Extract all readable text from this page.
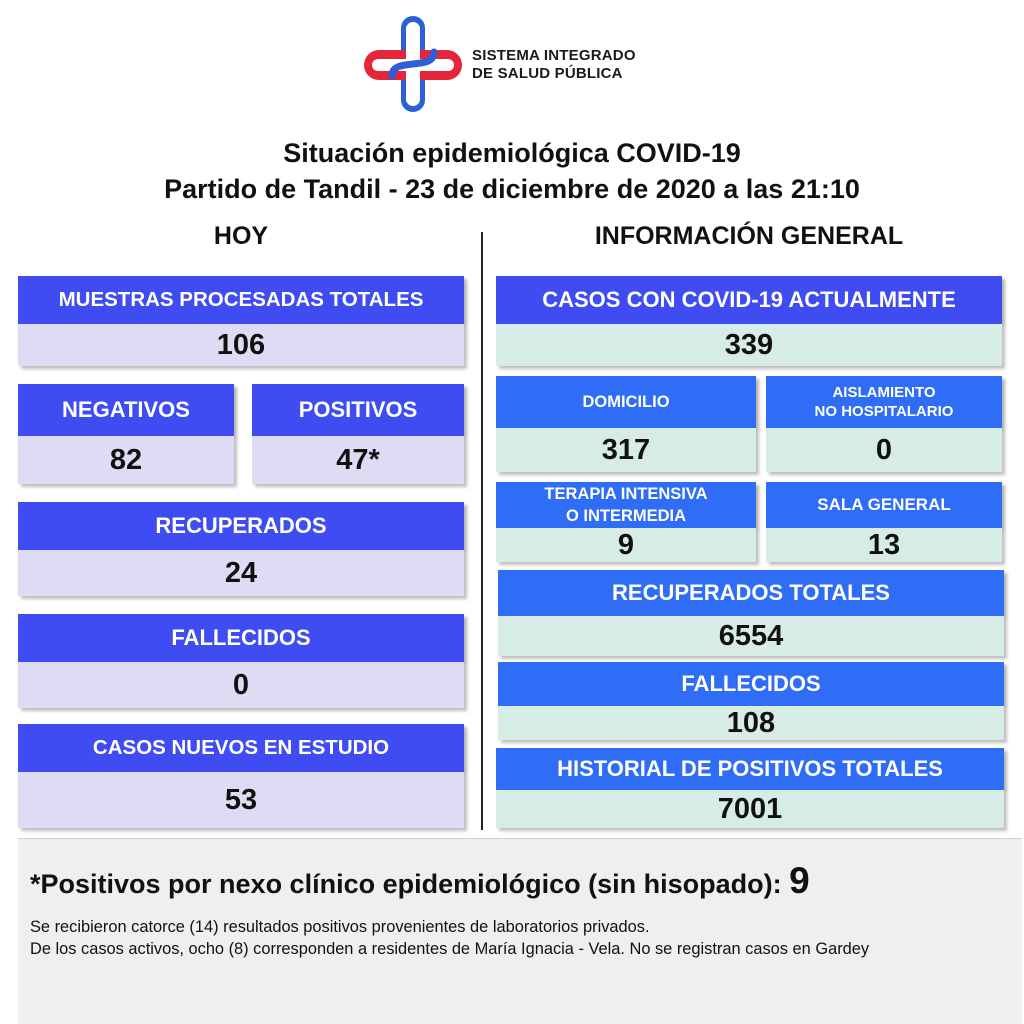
SISTEMA INTEGRADO
DE SALUD PÚBLICA
Situación epidemiológica COVID-19
Partido de Tandil - 23 de diciembre de 2020 a las 21:10
HOY	INFORMACIÓN GENERAL
MUESTRAS PROCESADAS TOTALES
106
NEGATIVOS
82
POSITIVOS
47*
RECUPERADOS
24
FALLECIDOS
0
CASOS NUEVOS EN ESTUDIO
53
CASOS CON COVID-19 ACTUALMENTE
339
DOMICILIO
317
AISLAMIENTO
NO HOSPITALARIO
0
TERAPIA INTENSIVA
O INTERMEDIA
9
SALA GENERAL
13
RECUPERADOS TOTALES
6554
FALLECIDOS
108
HISTORIAL DE POSITIVOS TOTALES
7001
*Positivos por nexo clínico epidemiológico (sin hisopado): 9
Se recibieron catorce (14) resultados positivos provenientes de laboratorios privados.
De los casos activos, ocho (8) corresponden a residentes de María Ignacia - Vela. No se registran casos en Gardey
